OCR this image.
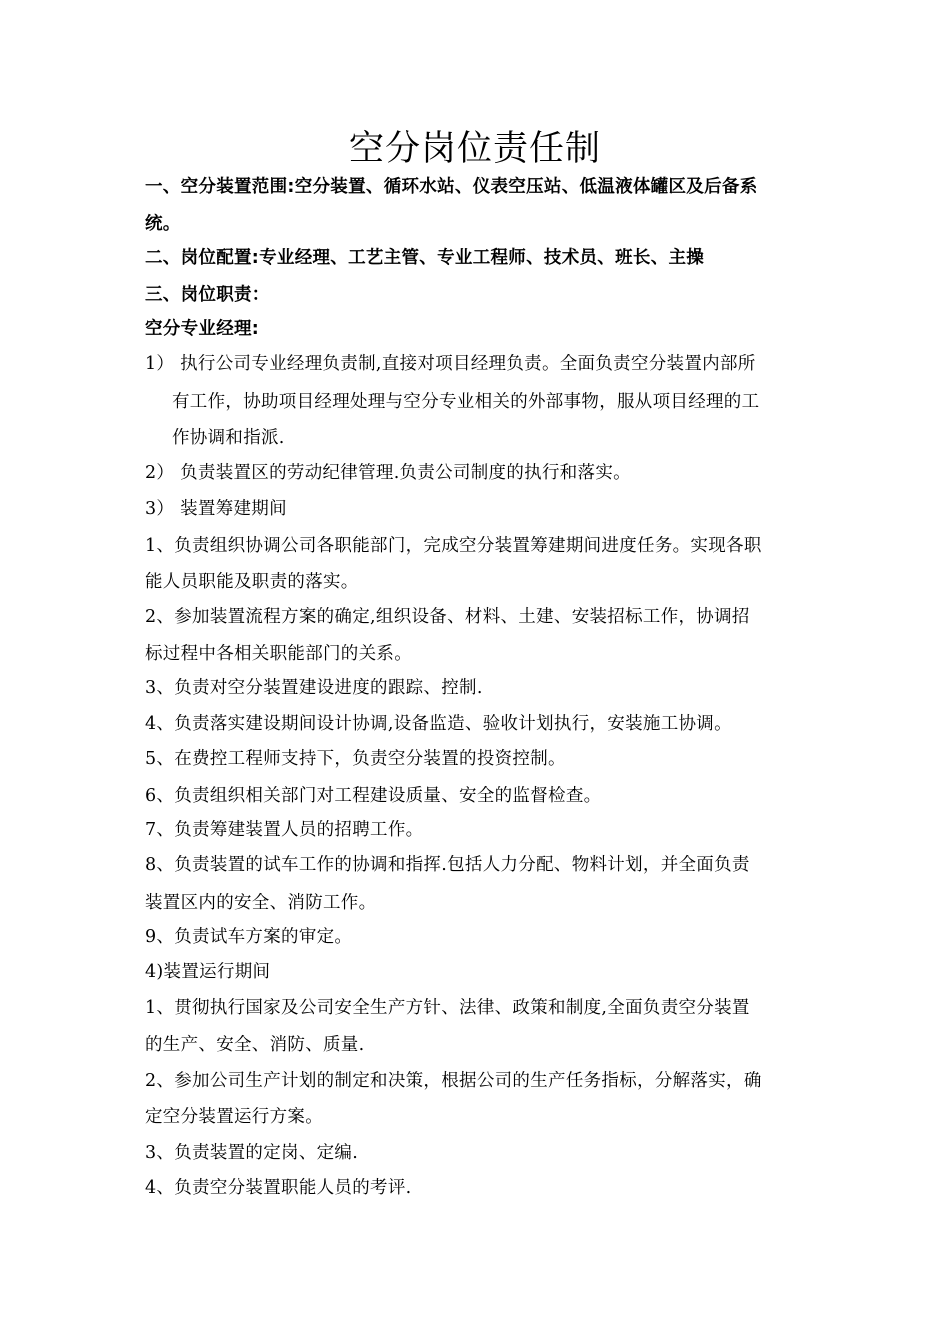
空分岗位责任制
一、空分装置范围:空分装置、循环水站、仪表空压站、低温液体罐区及后备系
统。
二、岗位配置:专业经理、工艺主管、专业工程师、技术员、班长、主操
三、岗位职责：
空分专业经理:
1） 执行公司专业经理负责制,直接对项目经理负责。全面负责空分装置内部所
有工作，协助项目经理处理与空分专业相关的外部事物，服从项目经理的工
作协调和指派.
2） 负责装置区的劳动纪律管理.负责公司制度的执行和落实。
3） 装置筹建期间
1、负责组织协调公司各职能部门，完成空分装置筹建期间进度任务。实现各职
能人员职能及职责的落实。
2、参加装置流程方案的确定,组织设备、材料、土建、安装招标工作，协调招
标过程中各相关职能部门的关系。
3、负责对空分装置建设进度的跟踪、控制.
4、负责落实建设期间设计协调,设备监造、验收计划执行，安装施工协调。
5、在费控工程师支持下，负责空分装置的投资控制。
6、负责组织相关部门对工程建设质量、安全的监督检查。
7、负责筹建装置人员的招聘工作。
8、负责装置的试车工作的协调和指挥.包括人力分配、物料计划，并全面负责
装置区内的安全、消防工作。
9、负责试车方案的审定。
4)装置运行期间
1、贯彻执行国家及公司安全生产方针、法律、政策和制度,全面负责空分装置
的生产、安全、消防、质量.
2、参加公司生产计划的制定和决策，根据公司的生产任务指标，分解落实，确
定空分装置运行方案。
3、负责装置的定岗、定编.
4、负责空分装置职能人员的考评.
